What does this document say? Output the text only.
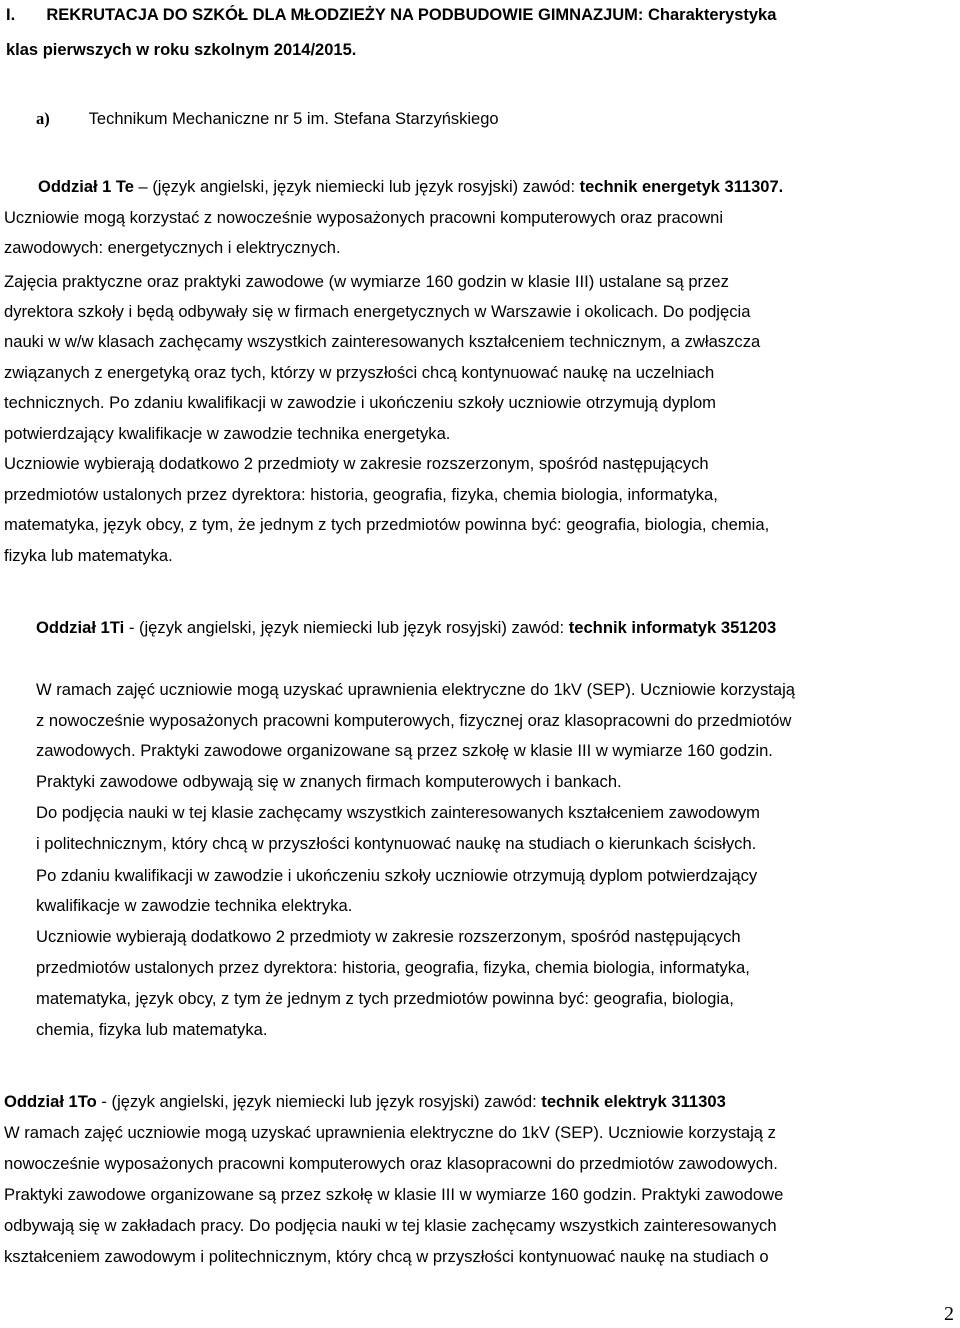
I. REKRUTACJA DO SZKÓŁ DLA MŁODZIEŻY NA PODBUDOWIE GIMNAZJUM: Charakterystyka
klas pierwszych w roku szkolnym 2014/2015.
a) Technikum Mechaniczne nr 5 im. Stefana Starzyńskiego
Oddział 1 Te – (język angielski, język niemiecki lub język rosyjski) zawód: technik energetyk 311307.
Uczniowie mogą korzystać z nowocześnie wyposażonych pracowni komputerowych oraz pracowni
zawodowych: energetycznych i elektrycznych.
Zajęcia praktyczne oraz praktyki zawodowe (w wymiarze 160 godzin w klasie III) ustalane są przez
dyrektora szkoły i będą odbywały się w firmach energetycznych w Warszawie i okolicach. Do podjęcia
nauki w w/w klasach zachęcamy wszystkich zainteresowanych kształceniem technicznym, a zwłaszcza
związanych z energetyką oraz tych, którzy w przyszłości chcą kontynuować naukę na uczelniach
technicznych. Po zdaniu kwalifikacji w zawodzie i ukończeniu szkoły uczniowie otrzymują dyplom
potwierdzający kwalifikacje w zawodzie technika energetyka.
Uczniowie wybierają dodatkowo 2 przedmioty w zakresie rozszerzonym, spośród następujących
przedmiotów ustalonych przez dyrektora: historia, geografia, fizyka, chemia biologia, informatyka,
matematyka, język obcy, z tym, że jednym z tych przedmiotów powinna być: geografia, biologia, chemia,
fizyka lub matematyka.
Oddział 1Ti - (język angielski, język niemiecki lub język rosyjski) zawód: technik informatyk 351203
W ramach zajęć uczniowie mogą uzyskać uprawnienia elektryczne do 1kV (SEP). Uczniowie korzystają
z nowocześnie wyposażonych pracowni komputerowych, fizycznej oraz klasopracowni do przedmiotów
zawodowych. Praktyki zawodowe organizowane są przez szkołę w klasie III w wymiarze 160 godzin.
Praktyki zawodowe odbywają się w znanych firmach komputerowych i bankach.
Do podjęcia nauki w tej klasie zachęcamy wszystkich zainteresowanych kształceniem zawodowym
i politechnicznym, który chcą w przyszłości kontynuować naukę na studiach o kierunkach ścisłych.
Po zdaniu kwalifikacji w zawodzie i ukończeniu szkoły uczniowie otrzymują dyplom potwierdzający
kwalifikacje w zawodzie technika elektryka.
Uczniowie wybierają dodatkowo 2 przedmioty w zakresie rozszerzonym, spośród następujących
przedmiotów ustalonych przez dyrektora: historia, geografia, fizyka, chemia biologia, informatyka,
matematyka, język obcy, z tym że jednym z tych przedmiotów powinna być: geografia, biologia,
chemia, fizyka lub matematyka.
Oddział 1To - (język angielski, język niemiecki lub język rosyjski) zawód: technik elektryk 311303
W ramach zajęć uczniowie mogą uzyskać uprawnienia elektryczne do 1kV (SEP). Uczniowie korzystają z
nowocześnie wyposażonych pracowni komputerowych oraz klasopracowni do przedmiotów zawodowych.
Praktyki zawodowe organizowane są przez szkołę w klasie III w wymiarze 160 godzin. Praktyki zawodowe
odbywają się w zakładach pracy. Do podjęcia nauki w tej klasie zachęcamy wszystkich zainteresowanych
kształceniem zawodowym i politechnicznym, który chcą w przyszłości kontynuować naukę na studiach o
2
